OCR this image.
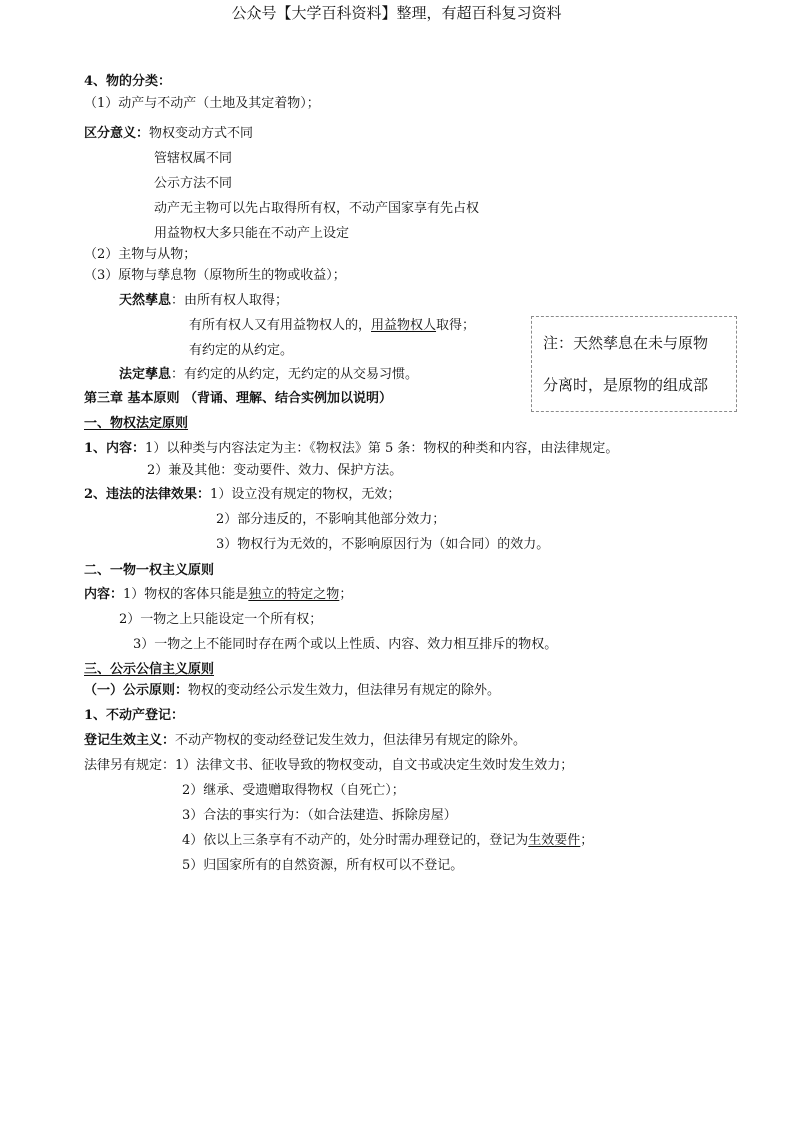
公众号【大学百科资料】整理，有超百科复习资料
4、物的分类：
（1）动产与不动产（土地及其定着物）；
区分意义：物权变动方式不同
管辖权属不同
公示方法不同
动产无主物可以先占取得所有权，不动产国家享有先占权
用益物权大多只能在不动产上设定
（2）主物与从物；
（3）原物与孳息物（原物所生的物或收益）；
天然孳息：由所有权人取得；
有所有权人又有用益物权人的，用益物权人取得；
有约定的从约定。
法定孳息：有约定的从约定，无约定的从交易习惯。
注：天然孳息在未与原物
分离时，是原物的组成部
第三章 基本原则 （背诵、理解、结合实例加以说明）
一、物权法定原则
1、内容：1）以种类与内容法定为主：《物权法》第 5 条：物权的种类和内容，由法律规定。
2）兼及其他：变动要件、效力、保护方法。
2、违法的法律效果：1）设立没有规定的物权，无效；
2）部分违反的，不影响其他部分效力；
3）物权行为无效的，不影响原因行为（如合同）的效力。
二、一物一权主义原则
内容：1）物权的客体只能是独立的特定之物；
2）一物之上只能设定一个所有权；
3）一物之上不能同时存在两个或以上性质、内容、效力相互排斥的物权。
三、公示公信主义原则
（一）公示原则：物权的变动经公示发生效力，但法律另有规定的除外。
1、不动产登记：
登记生效主义：不动产物权的变动经登记发生效力，但法律另有规定的除外。
法律另有规定：1）法律文书、征收导致的物权变动，自文书或决定生效时发生效力；
2）继承、受遗赠取得物权（自死亡）；
3）合法的事实行为：（如合法建造、拆除房屋）
4）依以上三条享有不动产的，处分时需办理登记的，登记为生效要件；
5）归国家所有的自然资源，所有权可以不登记。
